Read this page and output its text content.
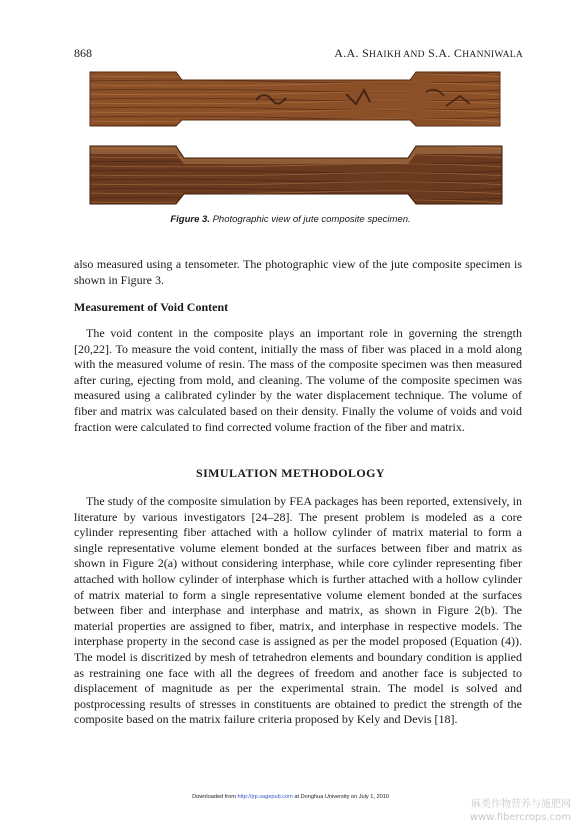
868	A.A. SHAIKH AND S.A. CHANNIWALA
Figure 3. Photographic view of jute composite specimen.

also measured using a tensometer. The photographic view of the jute composite specimen is shown in Figure 3.

Measurement of Void Content

The void content in the composite plays an important role in governing the strength [20,22]. To measure the void content, initially the mass of fiber was placed in a mold along with the measured volume of resin. The mass of the composite specimen was then measured after curing, ejecting from mold, and cleaning. The volume of the composite specimen was measured using a calibrated cylinder by the water displacement technique. The volume of fiber and matrix was calculated based on their density. Finally the volume of voids and void fraction were calculated to find corrected volume fraction of the fiber and matrix.

SIMULATION METHODOLOGY

The study of the composite simulation by FEA packages has been reported, extensively, in literature by various investigators [24–28]. The present problem is modeled as a core cylinder representing fiber attached with a hollow cylinder of matrix material to form a single representative volume element bonded at the surfaces between fiber and matrix as shown in Figure 2(a) without considering interphase, while core cylinder representing fiber attached with hollow cylinder of interphase which is further attached with a hollow cylinder of matrix material to form a single representative volume element bonded at the surfaces between fiber and interphase and interphase and matrix, as shown in Figure 2(b). The material properties are assigned to fiber, matrix, and interphase in respective models. The interphase property in the second case is assigned as per the model proposed (Equation (4)). The model is discritized by mesh of tetrahedron elements and boundary condition is applied as restraining one face with all the degrees of freedom and another face is subjected to displacement of magnitude as per the experimental strain. The model is solved and postprocessing results of stresses in constituents are obtained to predict the strength of the composite based on the matrix failure criteria proposed by Kely and Devis [18].

Downloaded from http://jrp.sagepub.com at Donghua University on July 1, 2010
麻类作物营养与施肥网
www.fibercrops.com
